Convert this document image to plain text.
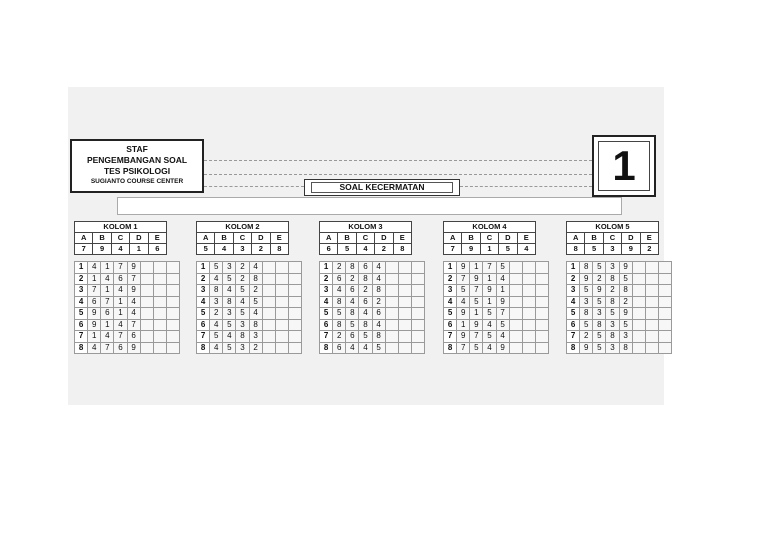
STAF
PENGEMBANGAN SOAL
TES PSIKOLOGI
SUGIANTO COURSE CENTER	1
SOAL KECERMATAN
KOLOM 1				
A	B	C	D	E
7	9	4	1	6
1	4	1	7	9			
2	1	4	6	7			
3	7	1	4	9			
4	6	7	1	4			
5	9	6	1	4			
6	9	1	4	7			
7	1	4	7	6			
8	4	7	6	9			
KOLOM 2				
A	B	C	D	E
5	4	3	2	8
1	5	3	2	4			
2	4	5	2	8			
3	8	4	5	2			
4	3	8	4	5			
5	2	3	5	4			
6	4	5	3	8			
7	5	4	8	3			
8	4	5	3	2			
KOLOM 3				
A	B	C	D	E
6	5	4	2	8
1	2	8	6	4			
2	6	2	8	4			
3	4	6	2	8			
4	8	4	6	2			
5	5	8	4	6			
6	8	5	8	4			
7	2	6	5	8			
8	6	4	4	5			
KOLOM 4				
A	B	C	D	E
7	9	1	5	4
1	9	1	7	5			
2	7	9	1	4			
3	5	7	9	1			
4	4	5	1	9			
5	9	1	5	7			
6	1	9	4	5			
7	9	7	5	4			
8	7	5	4	9			
KOLOM 5				
A	B	C	D	E
8	5	3	9	2
1	8	5	3	9			
2	9	2	8	5			
3	5	9	2	8			
4	3	5	8	2			
5	8	3	5	9			
6	5	8	3	5			
7	2	5	8	3			
8	9	5	3	8			
